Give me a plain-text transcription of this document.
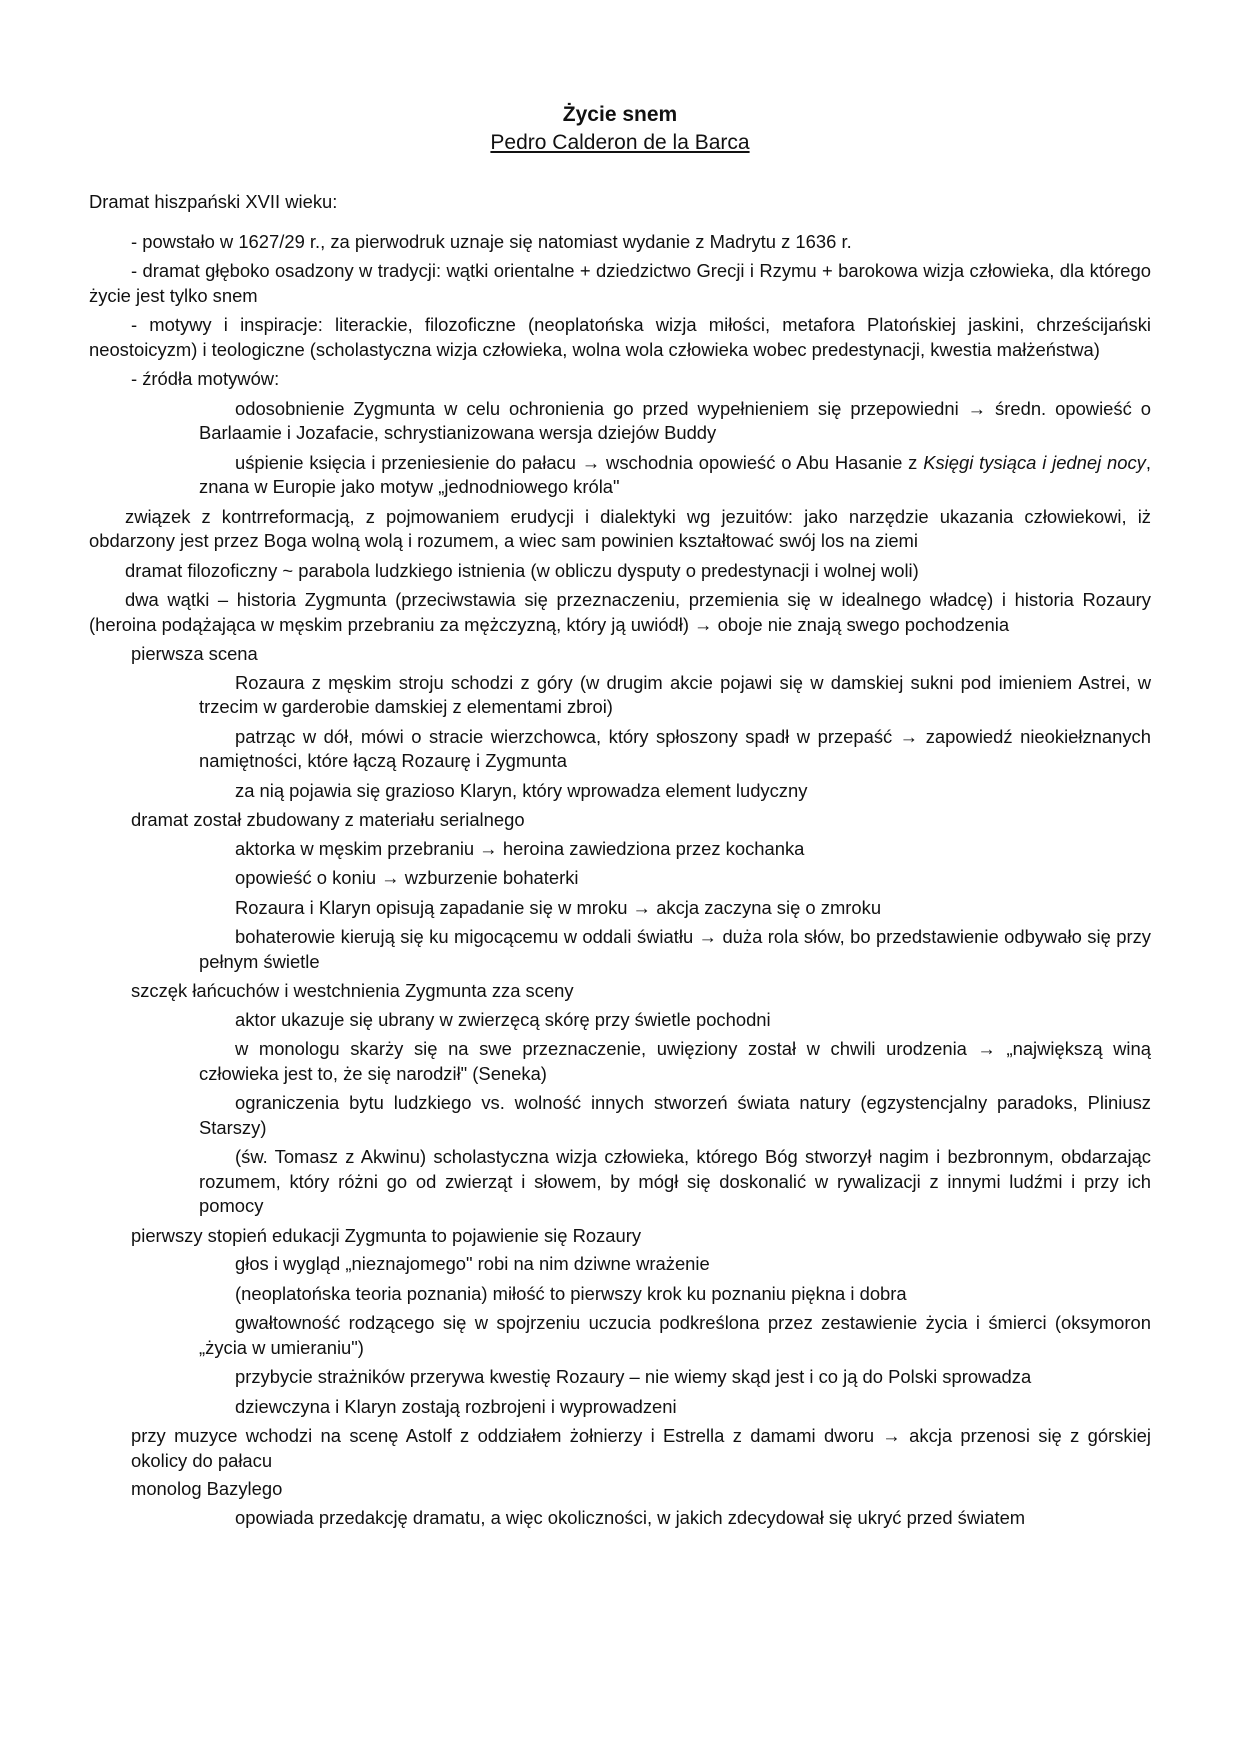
Życie snem
Pedro Calderon de la Barca

Dramat hiszpański XVII wieku:

- powstało w 1627/29 r., za pierwodruk uznaje się natomiast wydanie z Madrytu z 1636 r.

- dramat głęboko osadzony w tradycji: wątki orientalne + dziedzictwo Grecji i Rzymu + barokowa wizja człowieka, dla którego życie jest tylko snem

- motywy i inspiracje: literackie, filozoficzne (neoplatońska wizja miłości, metafora Platońskiej jaskini, chrześcijański neostoicyzm) i teologiczne (scholastyczna wizja człowieka, wolna wola człowieka wobec predestynacji, kwestia małżeństwa)

- źródła motywów:

odosobnienie Zygmunta w celu ochronienia go przed wypełnieniem się przepowiedni → średn. opowieść o Barlaamie i Jozafacie, schrystianizowana wersja dziejów Buddy

uśpienie księcia i przeniesienie do pałacu → wschodnia opowieść o Abu Hasanie z Księgi tysiąca i jednej nocy, znana w Europie jako motyw „jednodniowego króla"

związek z kontrreformacją, z pojmowaniem erudycji i dialektyki wg jezuitów: jako narzędzie ukazania człowiekowi, iż obdarzony jest przez Boga wolną wolą i rozumem, a wiec sam powinien kształtować swój los na ziemi

dramat filozoficzny ~ parabola ludzkiego istnienia (w obliczu dysputy o predestynacji i wolnej woli)

dwa wątki – historia Zygmunta (przeciwstawia się przeznaczeniu, przemienia się w idealnego władcę) i historia Rozaury (heroina podążająca w męskim przebraniu za mężczyzną, który ją uwiódł) → oboje nie znają swego pochodzenia

pierwsza scena

Rozaura z męskim stroju schodzi z góry (w drugim akcie pojawi się w damskiej sukni pod imieniem Astrei, w trzecim w garderobie damskiej z elementami zbroi)

patrząc w dół, mówi o stracie wierzchowca, który spłoszony spadł w przepaść → zapowiedź nieokiełznanych namiętności, które łączą Rozaurę i Zygmunta

za nią pojawia się grazioso Klaryn, który wprowadza element ludyczny

dramat został zbudowany z materiału serialnego

aktorka w męskim przebraniu → heroina zawiedziona przez kochanka

opowieść o koniu → wzburzenie bohaterki

Rozaura i Klaryn opisują zapadanie się w mroku → akcja zaczyna się o zmroku

bohaterowie kierują się ku migocącemu w oddali światłu → duża rola słów, bo przedstawienie odbywało się przy pełnym świetle

szczęk łańcuchów i westchnienia Zygmunta zza sceny

aktor ukazuje się ubrany w zwierzęcą skórę przy świetle pochodni

w monologu skarży się na swe przeznaczenie, uwięziony został w chwili urodzenia → „największą winą człowieka jest to, że się narodził" (Seneka)

ograniczenia bytu ludzkiego vs. wolność innych stworzeń świata natury (egzystencjalny paradoks, Pliniusz Starszy)

(św. Tomasz z Akwinu) scholastyczna wizja człowieka, którego Bóg stworzył nagim i bezbronnym, obdarzając rozumem, który różni go od zwierząt i słowem, by mógł się doskonalić w rywalizacji z innymi ludźmi i przy ich pomocy

pierwszy stopień edukacji Zygmunta to pojawienie się Rozaury

głos i wygląd „nieznajomego" robi na nim dziwne wrażenie

(neoplatońska teoria poznania) miłość to pierwszy krok ku poznaniu piękna i dobra

gwałtowność rodzącego się w spojrzeniu uczucia podkreślona przez zestawienie życia i śmierci (oksymoron „życia w umieraniu")

przybycie strażników przerywa kwestię Rozaury – nie wiemy skąd jest i co ją do Polski sprowadza

dziewczyna i Klaryn zostają rozbrojeni i wyprowadzeni

przy muzyce wchodzi na scenę Astolf z oddziałem żołnierzy i Estrella z damami dworu → akcja przenosi się z górskiej okolicy do pałacu

monolog Bazylego

opowiada przedakcję dramatu, a więc okoliczności, w jakich zdecydował się ukryć przed światem
